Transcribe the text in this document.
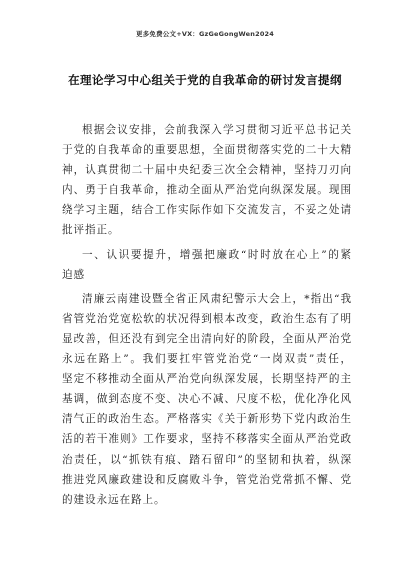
更多免费公文+VX：GzGeGongWen2024
在理论学习中心组关于党的自我革命的研讨发言提纲
根据会议安排，会前我深入学习贯彻习近平总书记关
于党的自我革命的重要思想，全面贯彻落实党的二十大精
神，认真贯彻二十届中央纪委三次全会精神，坚持刀刃向
内、勇于自我革命，推动全面从严治党向纵深发展。现围
绕学习主题，结合工作实际作如下交流发言，不妥之处请
批评指正。
一、认识要提升，增强把廉政“时时放在心上”的紧
迫感
清廉云南建设暨全省正风肃纪警示大会上，*指出“我
省管党治党宽松软的状况得到根本改变，政治生态有了明
显改善，但还没有到完全出清向好的阶段，全面从严治党
永远在路上”。我们要扛牢管党治党“一岗双责”责任，
坚定不移推动全面从严治党向纵深发展，长期坚持严的主
基调，做到态度不变、决心不减、尺度不松，优化净化风
清气正的政治生态。严格落实《关于新形势下党内政治生
活的若干准则》工作要求，坚持不移落实全面从严治党政
治责任，以“抓铁有痕、踏石留印”的坚韧和执着，纵深
推进党风廉政建设和反腐败斗争，管党治党常抓不懈、党
的建设永远在路上。
